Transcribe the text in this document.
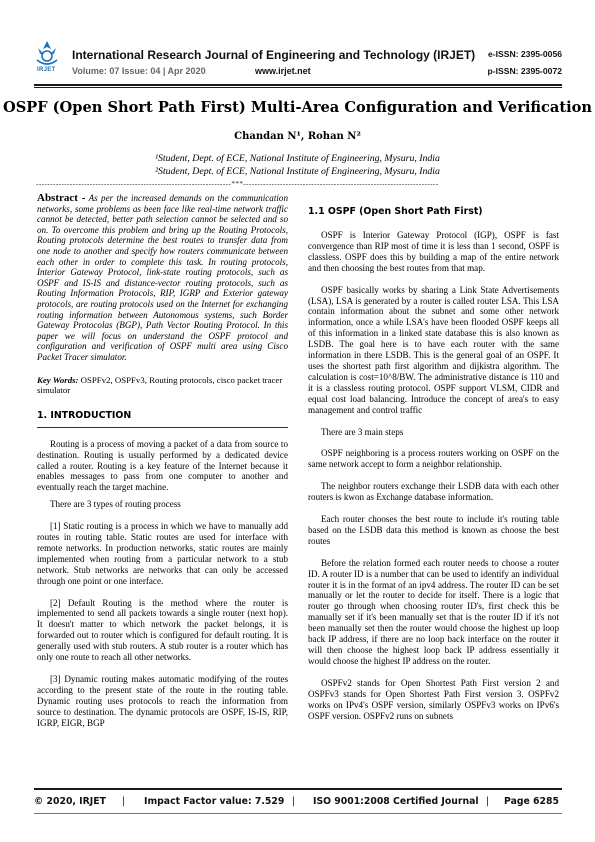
IRJET
International Research Journal of Engineering and Technology (IRJET)
Volume: 07 Issue: 04 | Apr 2020	www.irjet.net
e-ISSN: 2395-0056
p-ISSN: 2395-0072
OSPF (Open Short Path First) Multi-Area Configuration and Verification
Chandan N¹, Rohan N²
¹Student, Dept. of ECE, National Institute of Engineering, Mysuru, India
²Student, Dept. of ECE, National Institute of Engineering, Mysuru, India
---------------------------------------------------------------------***---------------------------------------------------------------------

Abstract - As per the increased demands on the communication networks, some problems as been face like real-time network traffic cannot be detected, better path selection cannot be selected and so on. To overcome this problem and bring up the Routing Protocols, Routing protocols determine the best routes to transfer data from one node to another and specify how routers communicate between each other in order to complete this task. In routing protocols, Interior Gateway Protocol, link-state routing protocols, such as OSPF and IS-IS and distance-vector routing protocols, such as Routing Information Protocols, RIP, IGRP and Exterior gateway protocols, are routing protocols used on the Internet for exchanging routing information between Autonomous systems, such Border Gateway Protocolas (BGP), Path Vector Routing Protocol. In this paper we will focus on understand the OSPF protocol and configuration and verification of OSPF multi area using Cisco Packet Tracer simulator.

Key Words: OSPFv2, OSPFv3, Routing protocols, cisco packet tracer simulator

1. INTRODUCTION

Routing is a process of moving a packet of a data from source to destination. Routing is usually performed by a dedicated device called a router. Routing is a key feature of the Internet because it enables messages to pass from one computer to another and eventually reach the target machine.

There are 3 types of routing process

[1] Static routing is a process in which we have to manually add routes in routing table. Static routes are used for interface with remote networks. In production networks, static routes are mainly implemented when routing from a particular network to a stub network. Stub networks are networks that can only be accessed through one point or one interface.

[2] Default Routing is the method where the router is implemented to send all packets towards a single router (next hop). It doesn't matter to which network the packet belongs, it is forwarded out to router which is configured for default routing. It is generally used with stub routers. A stub router is a router which has only one route to reach all other networks.

[3] Dynamic routing makes automatic modifying of the routes according to the present state of the route in the routing table. Dynamic routing uses protocols to reach the information from source to destination. The dynamic protocols are OSPF, IS-IS, RIP, IGRP, EIGR, BGP

1.1 OSPF (Open Short Path First)

OSPF is Interior Gateway Protocol (IGP), OSPF is fast convergence than RIP most of time it is less than 1 second, OSPF is classless. OSPF does this by building a map of the entire network and then choosing the best routes from that map.

OSPF basically works by sharing a Link State Advertisements (LSA), LSA is generated by a router is called router LSA. This LSA contain information about the subnet and some other network information, once a while LSA's have been flooded OSPF keeps all of this information in a linked state database this is also known as LSDB. The goal here is to have each router with the same information in there LSDB. This is the general goal of an OSPF. It uses the shortest path first algorithm and dijkistra algorithm. The calculation is cost=10^8/BW. The administrative distance is 110 and it is a classless routing protocol. OSPF support VLSM, CIDR and equal cost load balancing. Introduce the concept of area's to easy management and control traffic

There are 3 main steps

OSPF neighboring is a process routers working on OSPF on the same network accept to form a neighbor relationship.

The neighbor routers exchange their LSDB data with each other routers is kwon as Exchange database information.

Each router chooses the best route to include it's routing table based on the LSDB data this method is known as choose the best routes

Before the relation formed each router needs to choose a router ID. A router ID is a number that can be used to identify an individual router it is in the format of an ipv4 address. The router ID can be set manually or let the router to decide for itself. There is a logic that router go through when choosing router ID's, first check this be manually set if it's been manually set that is the router ID if it's not been manually set then the router would choose the highest up loop back IP address, if there are no loop back interface on the router it will then choose the highest loop back IP address essentially it would choose the highest IP address on the router.

OSPFv2 stands for Open Shortest Path First version 2 and OSPFv3 stands for Open Shortest Path First version 3. OSPFv2 works on IPv4's OSPF version, similarly OSPFv3 works on IPv6's OSPF version. OSPFv2 runs on subnets

© 2020, IRJET | Impact Factor value: 7.529 | ISO 9001:2008 Certified Journal | Page 6285
